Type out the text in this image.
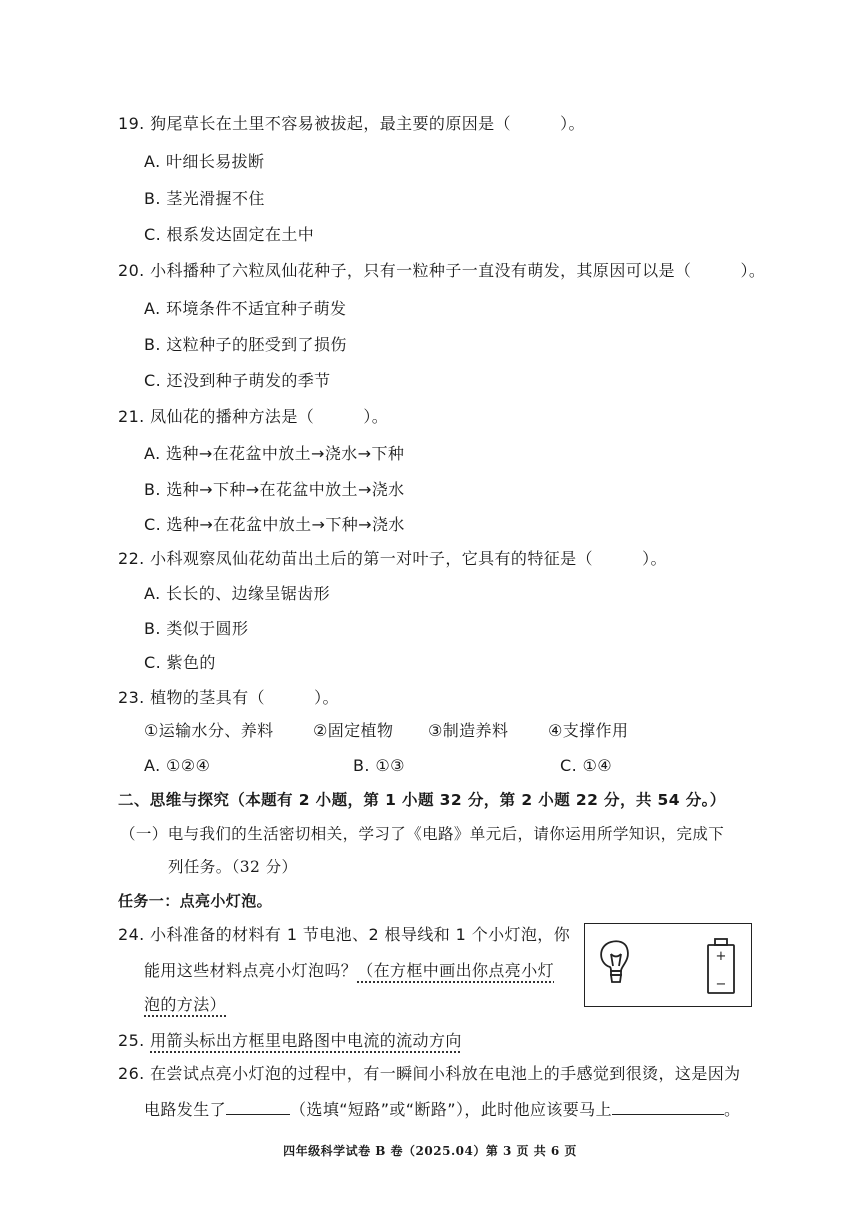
19. 狗尾草长在土里不容易被拔起，最主要的原因是（　　　）。
A. 叶细长易拔断
B. 茎光滑握不住
C. 根系发达固定在土中
20. 小科播种了六粒凤仙花种子，只有一粒种子一直没有萌发，其原因可以是（　　　）。
A. 环境条件不适宜种子萌发
B. 这粒种子的胚受到了损伤
C. 还没到种子萌发的季节
21. 凤仙花的播种方法是（　　　）。
A. 选种→在花盆中放土→浇水→下种
B. 选种→下种→在花盆中放土→浇水
C. 选种→在花盆中放土→下种→浇水
22. 小科观察凤仙花幼苗出土后的第一对叶子，它具有的特征是（　　　）。
A. 长长的、边缘呈锯齿形
B. 类似于圆形
C. 紫色的
23. 植物的茎具有（　　　）。
①运输水分、养料 ②固定植物 ③制造养料 ④支撑作用
A. ①②④	B. ①③	C. ①④
二、思维与探究（本题有 2 小题，第 1 小题 32 分，第 2 小题 22 分，共 54 分。）
（一）电与我们的生活密切相关，学习了《电路》单元后，请你运用所学知识，完成下
列任务。（32 分）
任务一：点亮小灯泡。
24. 小科准备的材料有 1 节电池、2 根导线和 1 个小灯泡，你
能用这些材料点亮小灯泡吗？（在方框中画出你点亮小灯
泡的方法）
+
−
25. 用箭头标出方框里电路图中电流的流动方向
26. 在尝试点亮小灯泡的过程中，有一瞬间小科放在电池上的手感觉到很烫，这是因为
电路发生了	（选填“短路”或“断路”），此时他应该要马上	。
四年级科学试卷 B 卷（2025.04）第 3 页 共 6 页
